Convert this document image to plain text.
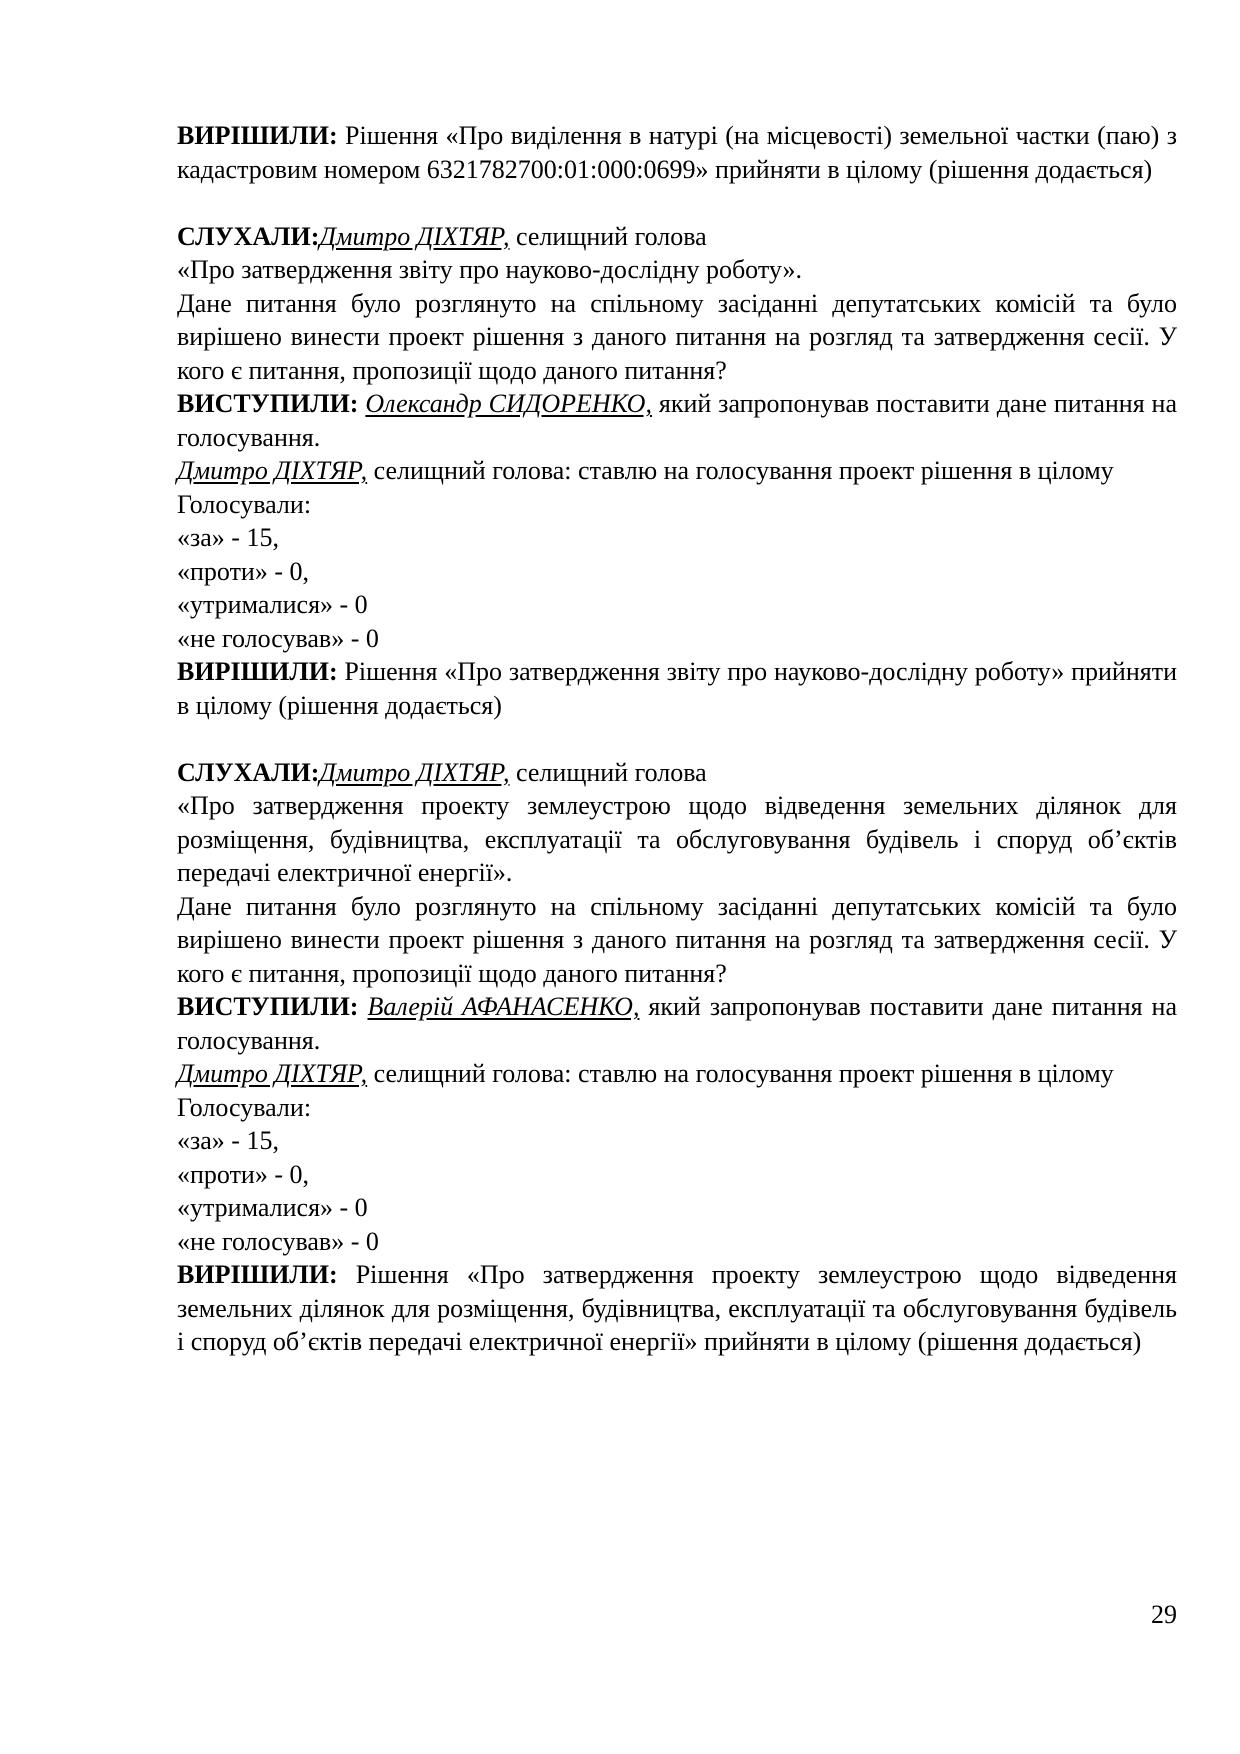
ВИРІШИЛИ: Рішення «Про виділення в натурі (на місцевості) земельної частки (паю) з кадастровим номером 6321782700:01:000:0699» прийняти в цілому (рішення додається)

СЛУХАЛИ:Дмитро ДІХТЯР, селищний голова

«Про затвердження звіту про науково-дослідну роботу».

Дане питання було розглянуто на спільному засіданні депутатських комісій та було вирішено винести проект рішення з даного питання на розгляд та затвердження сесії. У кого є питання, пропозиції щодо даного питання?

ВИСТУПИЛИ: Олександр СИДОРЕНКО, який запропонував поставити дане питання на голосування.

Дмитро ДІХТЯР, селищний голова: ставлю на голосування проект рішення в цілому

Голосували:

«за» - 15,

«проти» - 0,

«утрималися» - 0

«не голосував» - 0

ВИРІШИЛИ: Рішення «Про затвердження звіту про науково-дослідну роботу» прийняти в цілому (рішення додається)

СЛУХАЛИ:Дмитро ДІХТЯР, селищний голова

«Про затвердження проекту землеустрою щодо відведення земельних ділянок для розміщення, будівництва, експлуатації та обслуговування будівель і споруд об’єктів передачі електричної енергії».

Дане питання було розглянуто на спільному засіданні депутатських комісій та було вирішено винести проект рішення з даного питання на розгляд та затвердження сесії. У кого є питання, пропозиції щодо даного питання?

ВИСТУПИЛИ: Валерій АФАНАСЕНКО, який запропонував поставити дане питання на голосування.

Дмитро ДІХТЯР, селищний голова: ставлю на голосування проект рішення в цілому

Голосували:

«за» - 15,

«проти» - 0,

«утрималися» - 0

«не голосував» - 0

ВИРІШИЛИ: Рішення «Про затвердження проекту землеустрою щодо відведення земельних ділянок для розміщення, будівництва, експлуатації та обслуговування будівель і споруд об’єктів передачі електричної енергії» прийняти в цілому (рішення додається)

29
